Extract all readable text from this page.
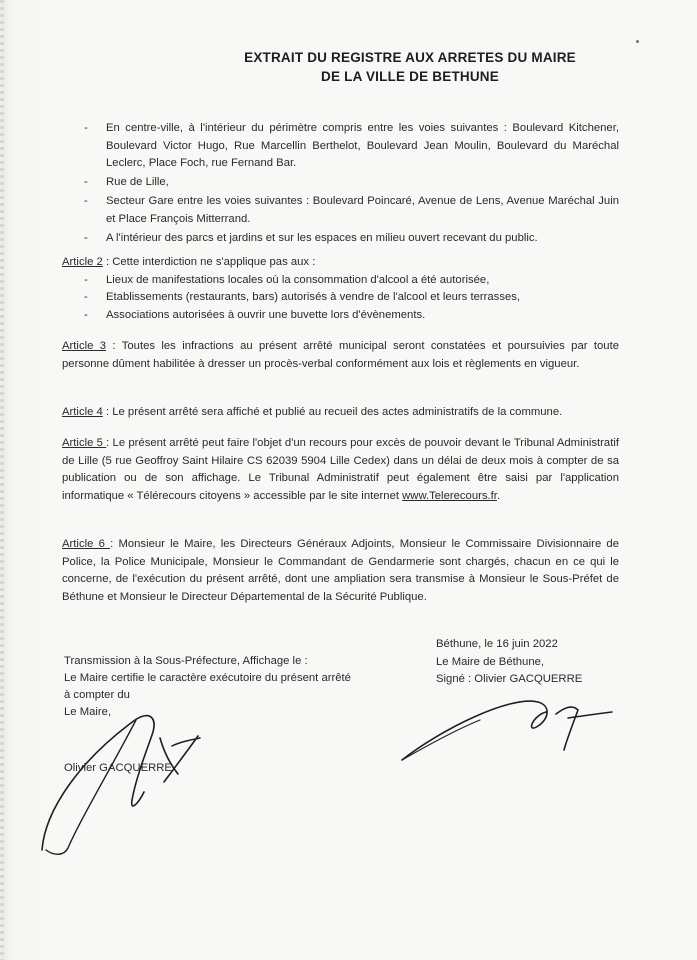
EXTRAIT DU REGISTRE AUX ARRETES DU MAIRE
DE LA VILLE DE BETHUNE
- En centre-ville, à l'intérieur du périmètre compris entre les voies suivantes : Boulevard Kitchener, Boulevard Victor Hugo, Rue Marcellin Berthelot, Boulevard Jean Moulin, Boulevard du Maréchal Leclerc, Place Foch, rue Fernand Bar.
- Rue de Lille,
- Secteur Gare entre les voies suivantes : Boulevard Poincaré, Avenue de Lens, Avenue Maréchal Juin et Place François Mitterrand.
- A l'intérieur des parcs et jardins et sur les espaces en milieu ouvert recevant du public.
Article 2 : Cette interdiction ne s'applique pas aux :
- Lieux de manifestations locales où la consommation d'alcool a été autorisée,
- Etablissements (restaurants, bars) autorisés à vendre de l'alcool et leurs terrasses,
- Associations autorisées à ouvrir une buvette lors d'évènements.
Article 3 : Toutes les infractions au présent arrêté municipal seront constatées et poursuivies par toute personne dûment habilitée à dresser un procès-verbal conformément aux lois et règlements en vigueur.
Article 4 : Le présent arrêté sera affiché et publié au recueil des actes administratifs de la commune.
Article 5 : Le présent arrêté peut faire l'objet d'un recours pour excès de pouvoir devant le Tribunal Administratif de Lille (5 rue Geoffroy Saint Hilaire CS 62039 5904 Lille Cedex) dans un délai de deux mois à compter de sa publication ou de son affichage. Le Tribunal Administratif peut également être saisi par l'application informatique « Télérecours citoyens » accessible par le site internet www.Telerecours.fr.
Article 6 : Monsieur le Maire, les Directeurs Généraux Adjoints, Monsieur le Commissaire Divisionnaire de Police, la Police Municipale, Monsieur le Commandant de Gendarmerie sont chargés, chacun en ce qui le concerne, de l'exécution du présent arrêté, dont une ampliation sera transmise à Monsieur le Sous-Préfet de Béthune et Monsieur le Directeur Départemental de la Sécurité Publique.
Béthune, le 16 juin 2022
Le Maire de Béthune,
Signé : Olivier GACQUERRE
Transmission à la Sous-Préfecture, Affichage le :
Le Maire certifie le caractère exécutoire du présent arrêté
à compter du
Le Maire,
Olivier GACQUERRE
